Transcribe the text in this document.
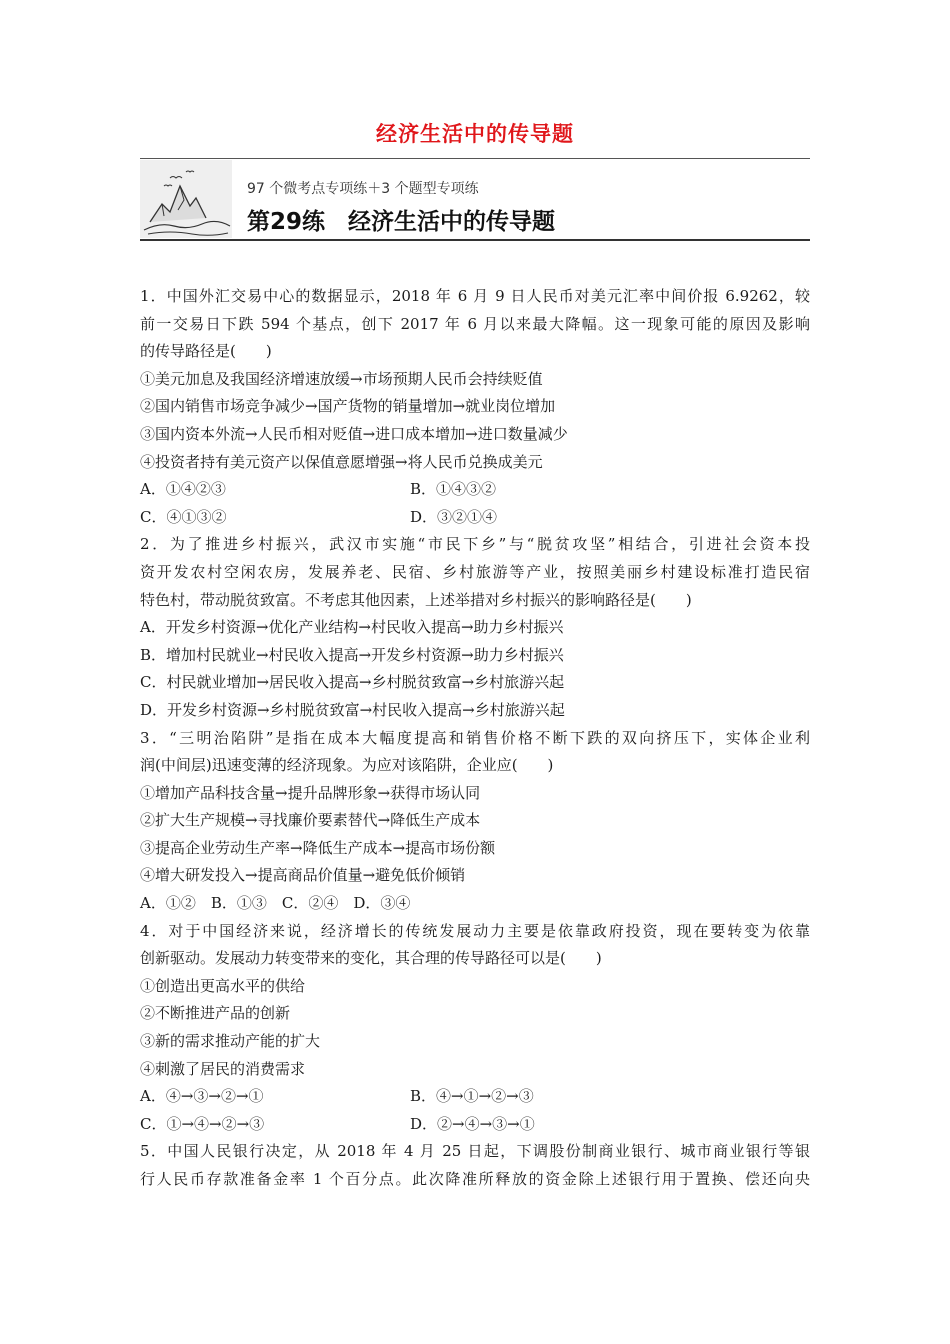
经济生活中的传导题
97 个微考点专项练＋3 个题型专项练
第29练　经济生活中的传导题
1．中国外汇交易中心的数据显示，2018 年 6 月 9 日人民币对美元汇率中间价报 6.9262，较
前一交易日下跌 594 个基点，创下 2017 年 6 月以来最大降幅。这一现象可能的原因及影响
的传导路径是(　　)
①美元加息及我国经济增速放缓→市场预期人民币会持续贬值
②国内销售市场竞争减少→国产货物的销量增加→就业岗位增加
③国内资本外流→人民币相对贬值→进口成本增加→进口数量减少
④投资者持有美元资产以保值意愿增强→将人民币兑换成美元
A．①④②③	B．①④③②
C．④①③②	D．③②①④
2．为了推进乡村振兴，武汉市实施“市民下乡”与“脱贫攻坚”相结合，引进社会资本投
资开发农村空闲农房，发展养老、民宿、乡村旅游等产业，按照美丽乡村建设标准打造民宿
特色村，带动脱贫致富。不考虑其他因素，上述举措对乡村振兴的影响路径是(　　)
A．开发乡村资源→优化产业结构→村民收入提高→助力乡村振兴
B．增加村民就业→村民收入提高→开发乡村资源→助力乡村振兴
C．村民就业增加→居民收入提高→乡村脱贫致富→乡村旅游兴起
D．开发乡村资源→乡村脱贫致富→村民收入提高→乡村旅游兴起
3．“三明治陷阱”是指在成本大幅度提高和销售价格不断下跌的双向挤压下，实体企业利
润(中间层)迅速变薄的经济现象。为应对该陷阱，企业应(　　)
①增加产品科技含量→提升品牌形象→获得市场认同
②扩大生产规模→寻找廉价要素替代→降低生产成本
③提高企业劳动生产率→降低生产成本→提高市场份额
④增大研发投入→提高商品价值量→避免低价倾销
A．①②　B．①③　C．②④　D．③④
4．对于中国经济来说，经济增长的传统发展动力主要是依靠政府投资，现在要转变为依靠
创新驱动。发展动力转变带来的变化，其合理的传导路径可以是(　　)
①创造出更高水平的供给
②不断推进产品的创新
③新的需求推动产能的扩大
④刺激了居民的消费需求
A．④→③→②→①	B．④→①→②→③
C．①→④→②→③	D．②→④→③→①
5．中国人民银行决定，从 2018 年 4 月 25 日起，下调股份制商业银行、城市商业银行等银
行人民币存款准备金率 1 个百分点。此次降准所释放的资金除上述银行用于置换、偿还向央
